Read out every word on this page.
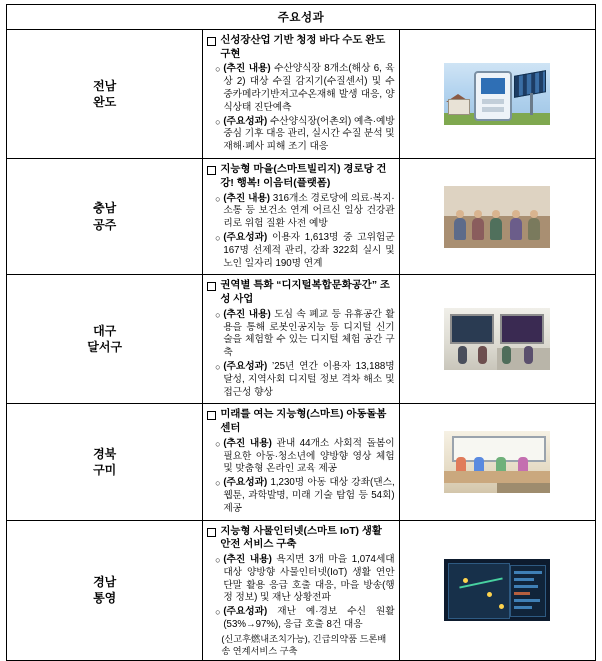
주요성과		
전남
완도	
신성장산업 기반 청정 바다 수도 완도 구현
○ (추진 내용) 수산양식장 8개소(해상 6, 육상 2) 대상 수질 감지기(수질센서) 및 수중카메라기반저고수온재해 발생 대응, 양식상태 진단예측
○ (주요성과) 수산양식장(어촌외) 예측·예방 중심 기후 대응 관리, 실시간 수질 분석 및 재해·폐사 피해 조기 대응

충남
공주	
지능형 마을(스마트빌리지) 경로당 건강! 행복! 이음터(플랫폼)
○ (추진 내용) 316개소 경로당에 의료·복지·소통 등 보건소 연계 어르신 일상 건강관리로 위험 질환 사전 예방
○ (주요성과) 이용자 1,613명 중 고위험군 167명 선제적 관리, 강좌 322회 실시 및 노인 일자리 190명 연계

대구
달서구	
권역별 특화 “디지털복합문화공간” 조성 사업
○ (추진 내용) 도심 속 폐교 등 유휴공간 활용을 통해 로봇인공지능 등 디지털 신기술을 체험할 수 있는 디지털 체험 공간 구축
○ (주요성과) ’25년 연간 이용자 13,188명 달성, 지역사회 디지털 정보 격차 해소 및 접근성 향상

경북
구미	
미래를 여는 지능형(스마트) 아동돌봄센터
○ (추진 내용) 관내 44개소 사회적 돌봄이 필요한 아동·청소년에 양방향 영상 체험 및 맞춤형 온라인 교육 제공
○ (주요성과) 1,230명 아동 대상 강좌(댄스, 웹툰, 과학발명, 미래 기술 탐험 등 54회) 제공

경남
통영	
지능형 사물인터넷(스마트 IoT) 생활 안전 서비스 구축
○ (추진 내용) 욕지면 3개 마을 1,074세대 대상 양방향 사물인터넷(IoT) 생활 연안 단말 활용 응급 호출 대응, 마을 방송(행정 정보) 및 재난 상황전파
○ (주요성과) 재난 예·경보 수신 원활(53%→97%), 응급 호출 8건 대응
(신고후燃내조치가능), 긴급의약품 드론배송 연계서비스 구축
